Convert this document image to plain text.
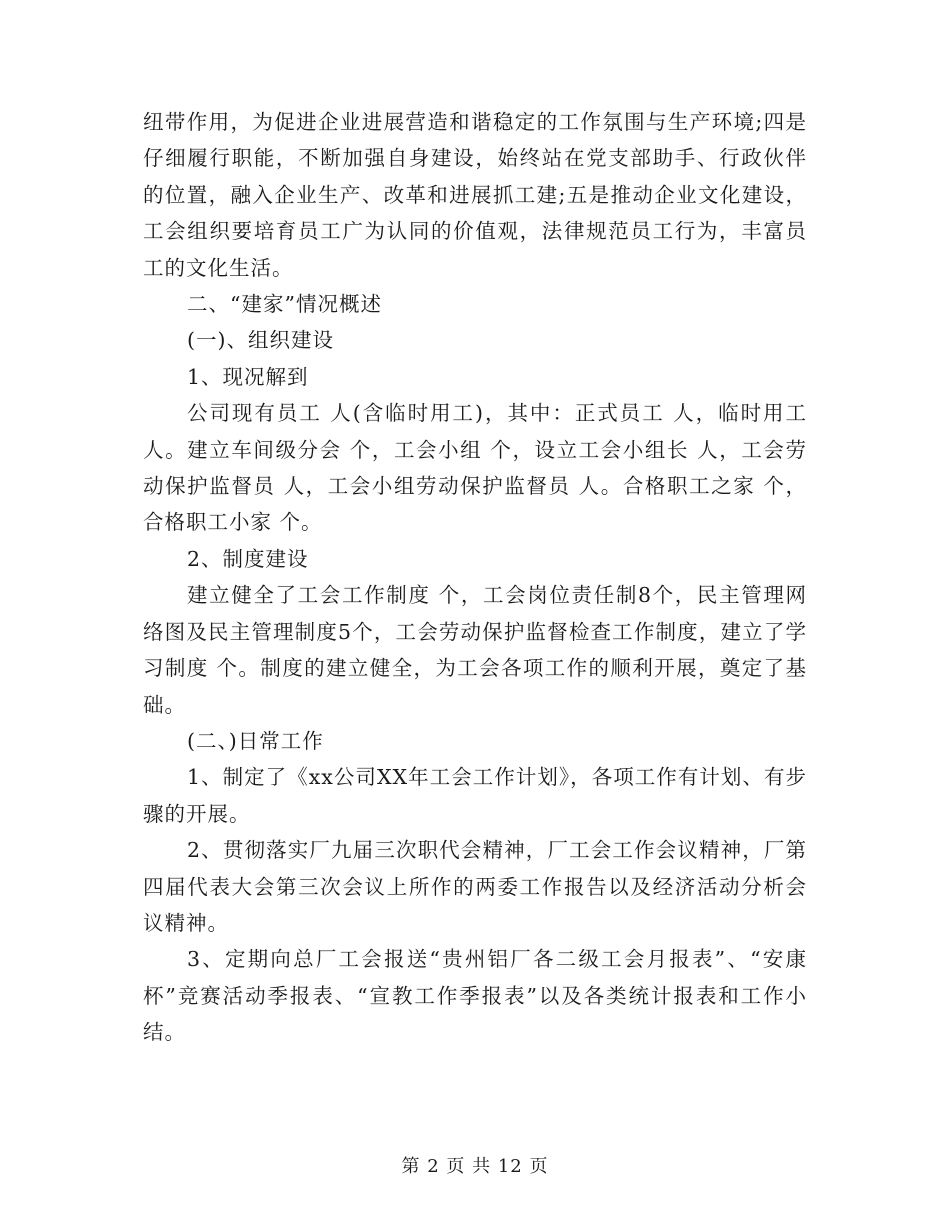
纽带作用，为促进企业进展营造和谐稳定的工作氛围与生产环境;四是仔细履行职能，不断加强自身建设，始终站在党支部助手、行政伙伴的位置，融入企业生产、改革和进展抓工建;五是推动企业文化建设，工会组织要培育员工广为认同的价值观，法律规范员工行为，丰富员工的文化生活。

二、“建家”情况概述

(一)、组织建设

1、现况解到

公司现有员工 人(含临时用工)，其中：正式员工 人，临时用工 人。建立车间级分会 个，工会小组 个，设立工会小组长 人，工会劳动保护监督员 人，工会小组劳动保护监督员 人。合格职工之家 个，合格职工小家 个。

2、制度建设

建立健全了工会工作制度 个，工会岗位责任制8个，民主管理网络图及民主管理制度5个，工会劳动保护监督检查工作制度，建立了学习制度 个。制度的建立健全，为工会各项工作的顺利开展，奠定了基础。

(二、)日常工作

1、制定了《xx公司XX年工会工作计划》，各项工作有计划、有步骤的开展。

2、贯彻落实厂九届三次职代会精神，厂工会工作会议精神，厂第四届代表大会第三次会议上所作的两委工作报告以及经济活动分析会议精神。

3、定期向总厂工会报送“贵州铝厂各二级工会月报表”、“安康杯”竞赛活动季报表、“宣教工作季报表”以及各类统计报表和工作小结。

第 2 页 共 12 页
